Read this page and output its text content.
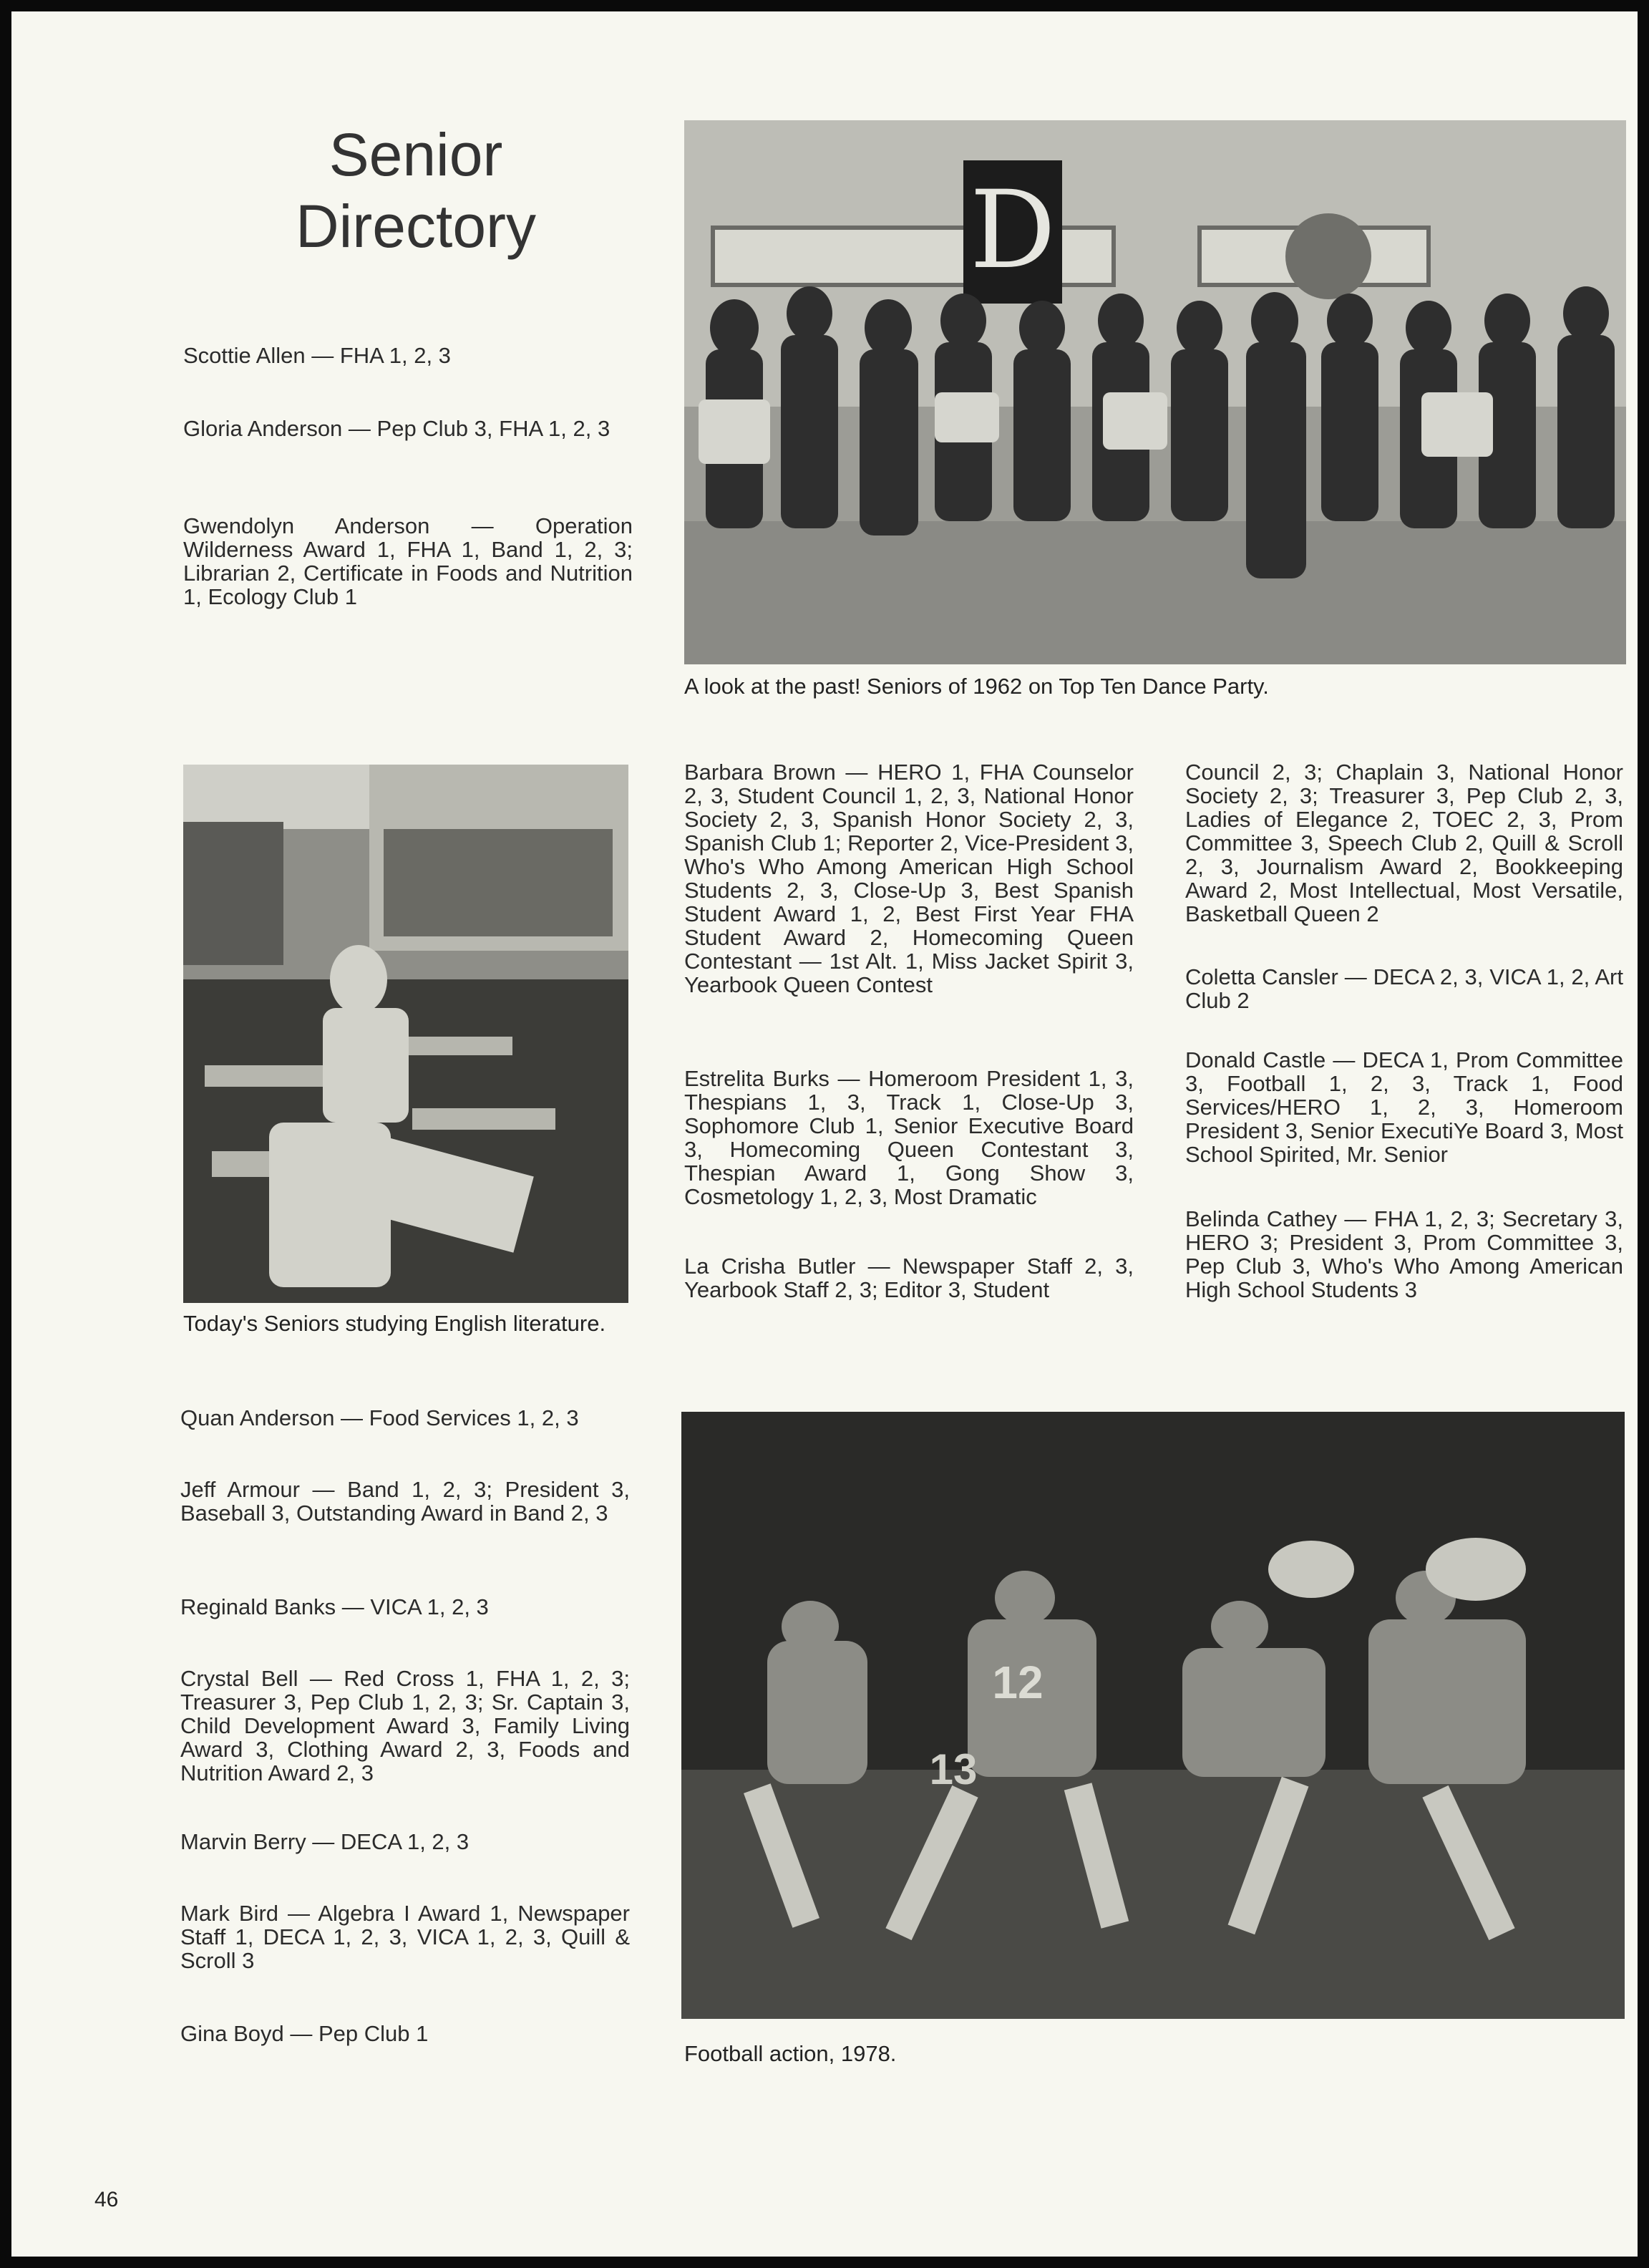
Senior
Directory
Scottie Allen — FHA 1, 2, 3
Gloria Anderson — Pep Club 3, FHA 1, 2, 3
Gwendolyn Anderson — Operation Wilderness Award 1, FHA 1, Band 1, 2, 3; Librarian 2, Certificate in Foods and Nutrition 1, Ecology Club 1
D
A look at the past! Seniors of 1962 on Top Ten Dance Party.
Today's Seniors studying English literature.
Quan Anderson — Food Services 1, 2, 3
Jeff Armour — Band 1, 2, 3; President 3, Baseball 3, Outstanding Award in Band 2, 3
Reginald Banks — VICA 1, 2, 3
Crystal Bell — Red Cross 1, FHA 1, 2, 3; Treasurer 3, Pep Club 1, 2, 3; Sr. Captain 3, Child Development Award 3, Family Living Award 3, Clothing Award 2, 3, Foods and Nutrition Award 2, 3
Marvin Berry — DECA 1, 2, 3
Mark Bird — Algebra I Award 1, Newspaper Staff 1, DECA 1, 2, 3, VICA 1, 2, 3, Quill & Scroll 3
Gina Boyd — Pep Club 1
Barbara Brown — HERO 1, FHA Counselor 2, 3, Student Council 1, 2, 3, National Honor Society 2, 3, Spanish Honor Society 2, 3, Spanish Club 1; Reporter 2, Vice-President 3, Who's Who Among American High School Students 2, 3, Close-Up 3, Best Spanish Student Award 1, 2, Best First Year FHA Student Award 2, Homecoming Queen Contestant — 1st Alt. 1, Miss Jacket Spirit 3, Yearbook Queen Contest
Estrelita Burks — Homeroom President 1, 3, Thespians 1, 3, Track 1, Close-Up 3, Sophomore Club 1, Senior Executive Board 3, Homecoming Queen Contestant 3, Thespian Award 1, Gong Show 3, Cosmetology 1, 2, 3, Most Dramatic
La Crisha Butler — Newspaper Staff 2, 3, Yearbook Staff 2, 3; Editor 3, Student
Council 2, 3; Chaplain 3, National Honor Society 2, 3; Treasurer 3, Pep Club 2, 3, Ladies of Elegance 2, TOEC 2, 3, Prom Committee 3, Speech Club 2, Quill & Scroll 2, 3, Journalism Award 2, Bookkeeping Award 2, Most Intellectual, Most Versatile, Basketball Queen 2
Coletta Cansler — DECA 2, 3, VICA 1, 2, Art Club 2
Donald Castle — DECA 1, Prom Committee 3, Football 1, 2, 3, Track 1, Food Services/HERO 1, 2, 3, Homeroom President 3, Senior ExecutiYe Board 3, Most School Spirited, Mr. Senior
Belinda Cathey — FHA 1, 2, 3; Secretary 3, HERO 3; President 3, Prom Committee 3, Pep Club 3, Who's Who Among American High School Students 3
12
13
Football action, 1978.
46
